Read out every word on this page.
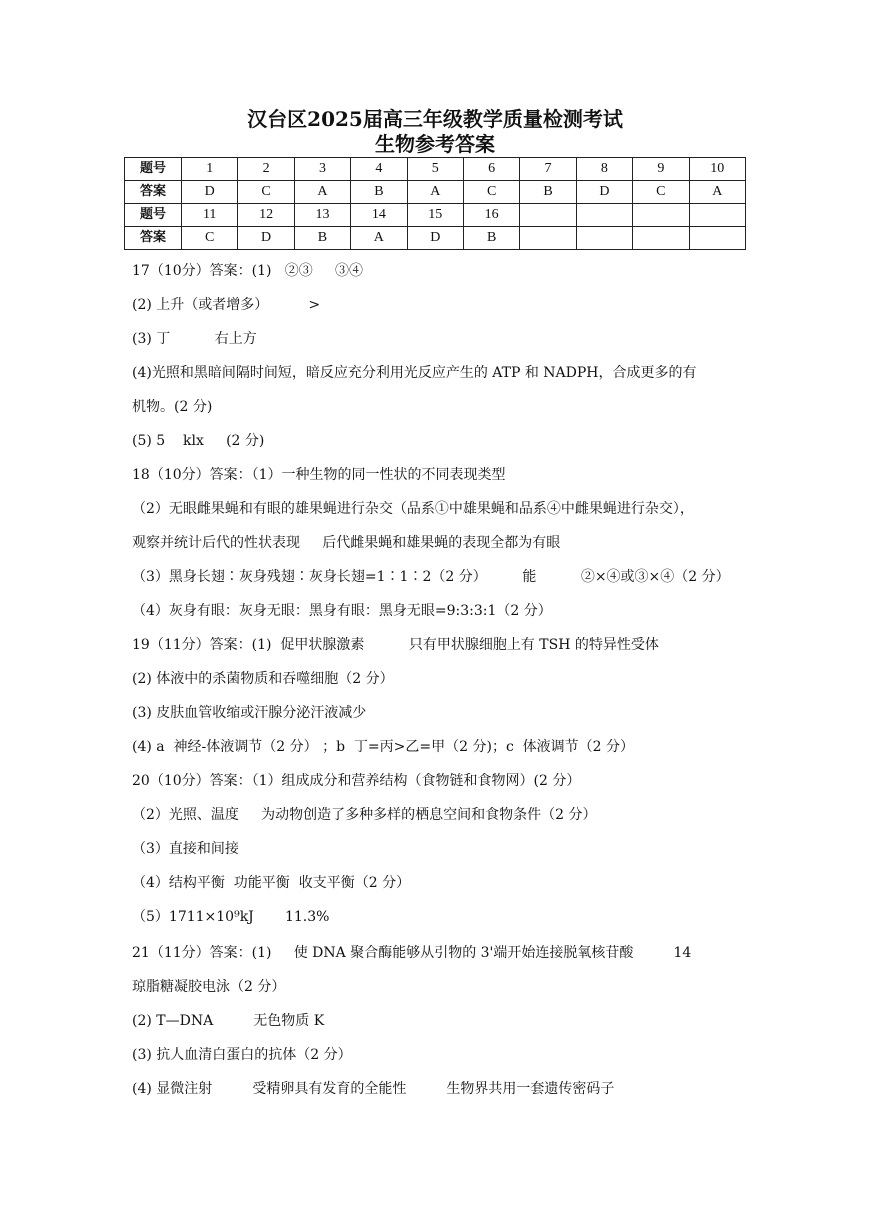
汉台区2025届高三年级教学质量检测考试
生物参考答案
题号	1	2	3	4	5	6	7	8	9	10
答案	D	C	A	B	A	C	B	D	C	A
题号	11	12	13	14	15	16				
答案	C	D	B	A	D	B				
17（10分）答案：(1)   ②③     ③④
(2) 上升（或者增多）         >
(3) 丁          右上方
(4)光照和黑暗间隔时间短，暗反应充分利用光反应产生的 ATP 和 NADPH，合成更多的有
机物。(2 分)
(5) 5    klx     (2 分)
18（10分）答案：（1）一种生物的同一性状的不同表现类型
（2）无眼雌果蝇和有眼的雄果蝇进行杂交（品系①中雄果蝇和品系④中雌果蝇进行杂交），
观察并统计后代的性状表现     后代雌果蝇和雄果蝇的表现全都为有眼
（3）黑身长翅∶灰身残翅∶灰身长翅=1∶1∶2（2 分）        能          ②×④或③×④（2 分）
（4）灰身有眼：灰身无眼：黑身有眼：黑身无眼=9:3:3:1（2 分）
19（11分）答案：(1)  促甲状腺激素          只有甲状腺细胞上有 TSH 的特异性受体
(2) 体液中的杀菌物质和吞噬细胞（2 分）
(3) 皮肤血管收缩或汗腺分泌汗液减少
(4) a  神经-体液调节（2 分） ；b  丁=丙>乙=甲（2 分)；c  体液调节（2 分）
20（10分）答案：（1）组成成分和营养结构（食物链和食物网）(2 分）
（2）光照、温度     为动物创造了多种多样的栖息空间和食物条件（2 分）
（3）直接和间接
（4）结构平衡  功能平衡  收支平衡（2 分）
（5）1711×10⁹kJ       11.3%
21（11分）答案：(1)     使 DNA 聚合酶能够从引物的 3'端开始连接脱氧核苷酸         14
琼脂糖凝胶电泳（2 分）
(2) T—DNA         无色物质 K
(3) 抗人血清白蛋白的抗体（2 分）
(4) 显微注射         受精卵具有发育的全能性         生物界共用一套遗传密码子
